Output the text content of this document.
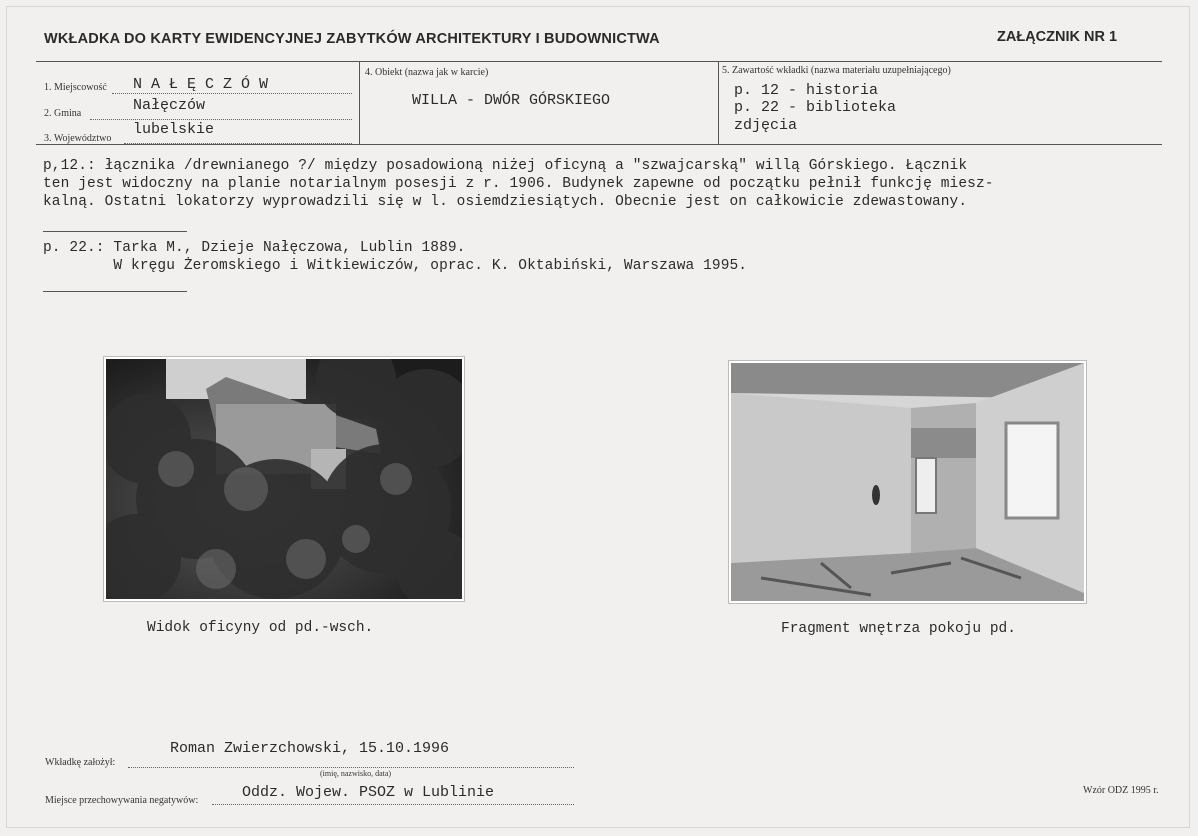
WKŁADKA DO KARTY EWIDENCYJNEJ ZABYTKÓW ARCHITEKTURY I BUDOWNICTWA	ZAŁĄCZNIK NR 1
1. Miejscowość N A Ł Ę C Z Ó W
2. Gmina	Nałęczów
3. Województwo
lubelskie
4. Obiekt (nazwa jak w karcie)
WILLA - DWÓR GÓRSKIEGO
5. Zawartość wkładki (nazwa materiału uzupełniającego)
p. 12 - historia
p. 22 - biblioteka
zdjęcia
p,12.: łącznika /drewnianego ?/ między posadowioną niżej oficyną a "szwajcarską" willą Górskiego. Łącznik
ten jest widoczny na planie notarialnym posesji z r. 1906. Budynek zapewne od początku pełnił funkcję miesz-
kalną. Ostatni lokatorzy wyprowadzili się w l. osiemdziesiątych. Obecnie jest on całkowicie zdewastowany.
p. 22.: Tarka M., Dzieje Nałęczowa, Lublin 1889.
W kręgu Żeromskiego i Witkiewiczów, oprac. K. Oktabiński, Warszawa 1995.
Widok oficyny od pd.-wsch.	Fragment wnętrza pokoju pd.
Wkładkę założył:
Roman Zwierzchowski, 15.10.1996
(imię, nazwisko, data)
Miejsce przechowywania negatywów:	Oddz. Wojew. PSOZ w Lublinie	Wzór ODZ 1995 r.
